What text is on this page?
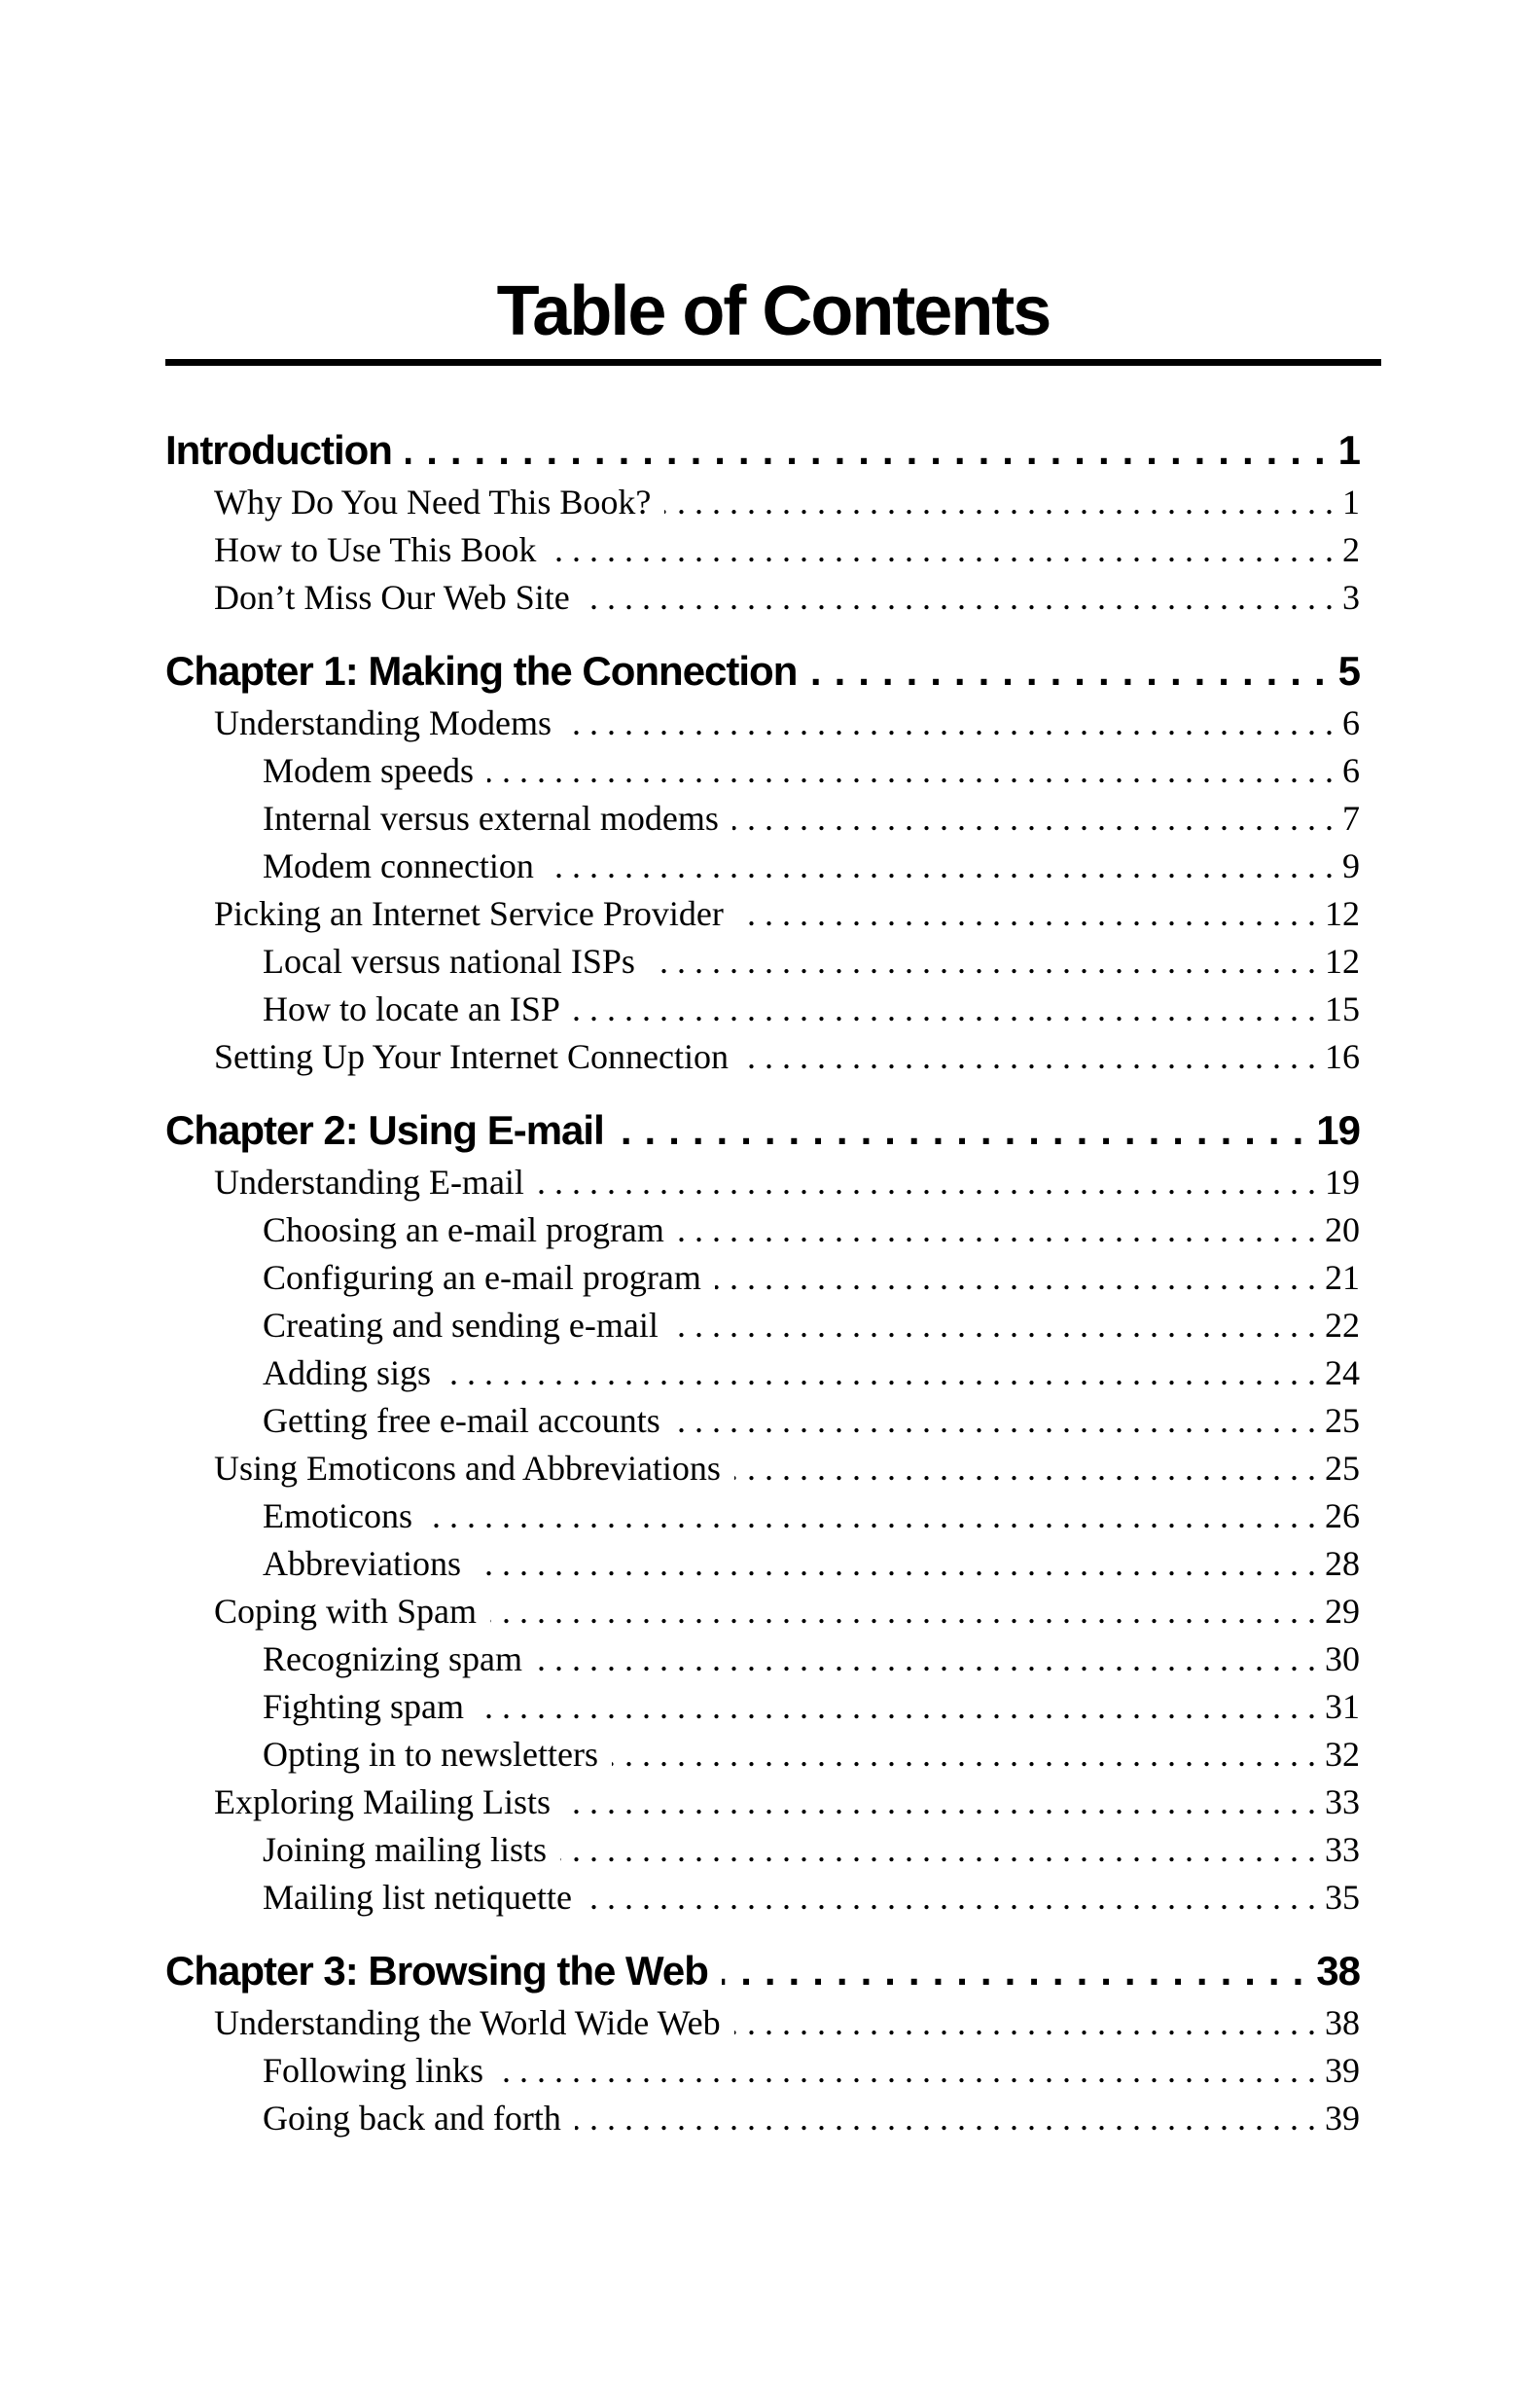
Table of Contents
Introduction .....	1
Why Do You Need This Book? .....	1
How to Use This Book .....	2
Don’t Miss Our Web Site .....	3
Chapter 1: Making the Connection .....	5
Understanding Modems .....	6
Modem speeds .....	6
Internal versus external modems .....	7
Modem connection .....	9
Picking an Internet Service Provider .....	12
Local versus national ISPs .....	12
How to locate an ISP .....	15
Setting Up Your Internet Connection .....	16
Chapter 2: Using E-mail .....	19
Understanding E-mail .....	19
Choosing an e-mail program .....	20
Configuring an e-mail program .....	21
Creating and sending e-mail .....	22
Adding sigs .....	24
Getting free e-mail accounts .....	25
Using Emoticons and Abbreviations .....	25
Emoticons .....	26
Abbreviations .....	28
Coping with Spam .....	29
Recognizing spam .....	30
Fighting spam .....	31
Opting in to newsletters .....	32
Exploring Mailing Lists .....	33
Joining mailing lists .....	33
Mailing list netiquette .....	35
Chapter 3: Browsing the Web .....	38
Understanding the World Wide Web .....	38
Following links .....	39
Going back and forth .....	39
